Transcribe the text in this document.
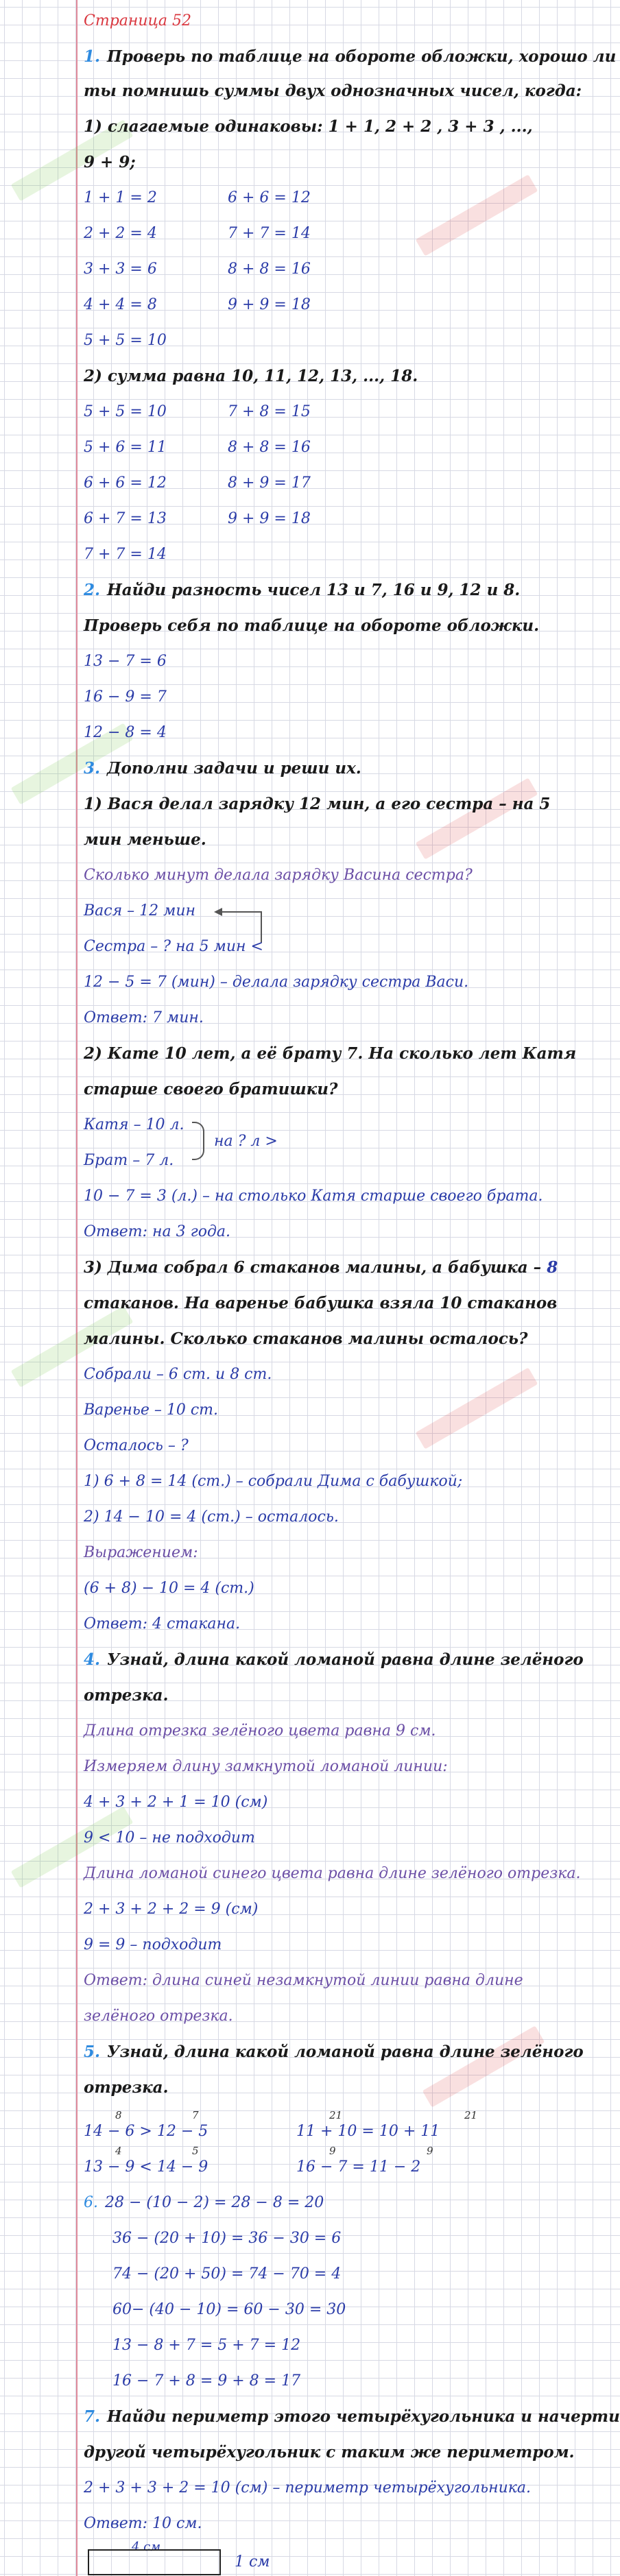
Страница 52
1. Проверь по таблице на обороте обложки, хорошо ли
ты помнишь суммы двух однозначных чисел, когда:
1) слагаемые одинаковы: 1 + 1, 2 + 2 , 3 + 3 , ...,
9 + 9;
1 + 1 = 2	6 + 6 = 12
2 + 2 = 4	7 + 7 = 14
3 + 3 = 6	8 + 8 = 16
4 + 4 = 8	9 + 9 = 18
5 + 5 = 10
2) сумма равна 10, 11, 12, 13, ..., 18.
5 + 5 = 10	7 + 8 = 15
5 + 6 = 11	8 + 8 = 16
6 + 6 = 12	8 + 9 = 17
6 + 7 = 13	9 + 9 = 18
7 + 7 = 14
2. Найди разность чисел 13 и 7, 16 и 9, 12 и 8.
Проверь себя по таблице на обороте обложки.
13 − 7 = 6
16 − 9 = 7
12 − 8 = 4
3. Дополни задачи и реши их.
1) Вася делал зарядку 12 мин, а его сестра – на 5
мин меньше.
Сколько минут делала зарядку Васина сестра?
Вася – 12 мин
Сестра – ? на 5 мин <
12 − 5 = 7 (мин) – делала зарядку сестра Васи.
Ответ: 7 мин.
2) Кате 10 лет, а её брату 7. На сколько лет Катя
старше своего братишки?
Катя – 10 л.
на ? л >
Брат – 7 л.
10 − 7 = 3 (л.) – на столько Катя старше своего брата.
Ответ: на 3 года.
3) Дима собрал 6 стаканов малины, а бабушка – 8
стаканов. На варенье бабушка взяла 10 стаканов
малины. Сколько стаканов малины осталось?
Собрали – 6 ст. и 8 ст.
Варенье – 10 ст.
Осталось – ?
1) 6 + 8 = 14 (ст.) – собрали Дима с бабушкой;
2) 14 − 10 = 4 (ст.) – осталось.
Выражением:
(6 + 8) − 10 = 4 (ст.)
Ответ: 4 стакана.
4. Узнай, длина какой ломаной равна длине зелёного
отрезка.
Длина отрезка зелёного цвета равна 9 см.
Измеряем длину замкнутой ломаной линии:
4 + 3 + 2 + 1 = 10 (см)
9 < 10 – не подходит
Длина ломаной синего цвета равна длине зелёного отрезка.
2 + 3 + 2 + 2 = 9 (см)
9 = 9 – подходит
Ответ: длина синей незамкнутой линии равна длине
зелёного отрезка.
5. Узнай, длина какой ломаной равна длине зелёного
отрезка.
8	7	21	21
14 − 6 > 12 − 5	11 + 10 = 10 + 11
4	5	9	9
13 − 9 < 14 − 9	16 − 7 = 11 − 2
6. 28 − (10 − 2) = 28 − 8 = 20
36 − (20 + 10) = 36 − 30 = 6
74 − (20 + 50) = 74 − 70 = 4
60− (40 − 10) = 60 − 30 = 30
13 − 8 + 7 = 5 + 7 = 12
16 − 7 + 8 = 9 + 8 = 17
7. Найди периметр этого четырёхугольника и начерти
другой четырёхугольник с таким же периметром.
2 + 3 + 3 + 2 = 10 (см) – периметр четырёхугольника.
Ответ: 10 см.
4 см
1 см
